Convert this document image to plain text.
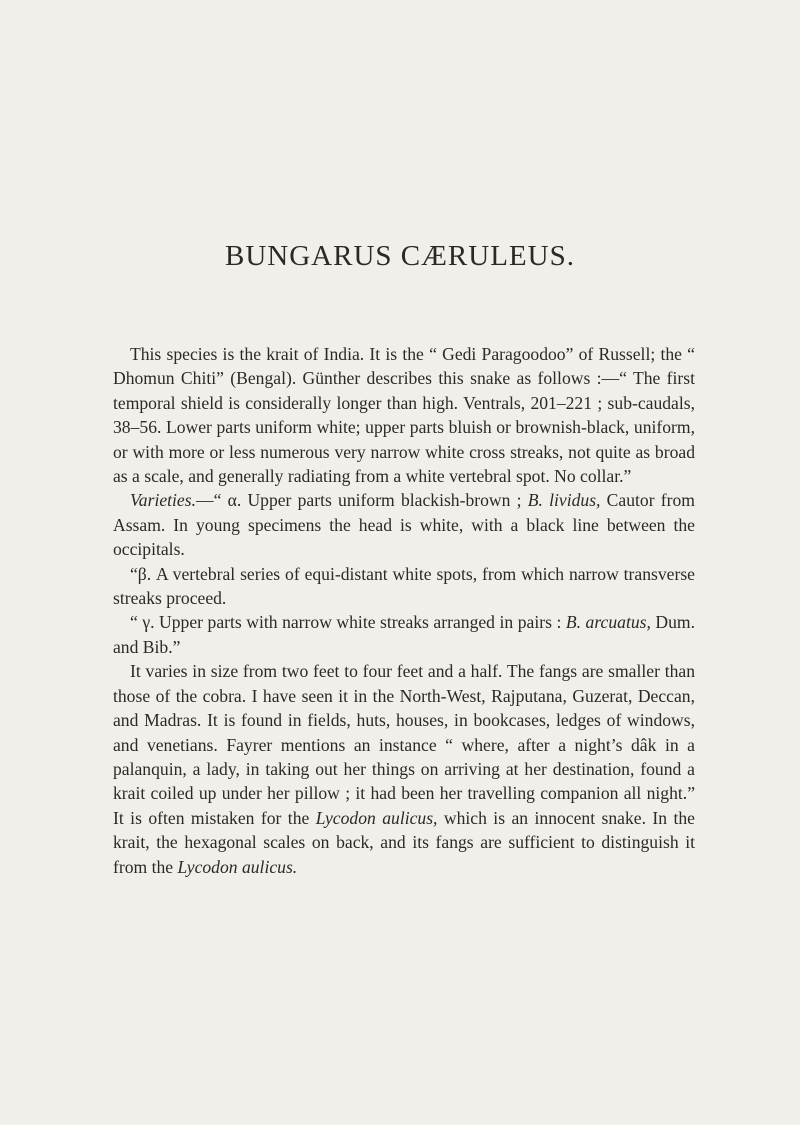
BUNGARUS CÆRULEUS.

This species is the krait of India. It is the “ Gedi Paragoodoo” of Russell; the “ Dhomun Chiti” (Bengal). Günther describes this snake as follows :—“ The first temporal shield is considerally longer than high. Ventrals, 201–221 ; sub-caudals, 38–56. Lower parts uniform white; upper parts bluish or brownish-black, uniform, or with more or less numerous very narrow white cross streaks, not quite as broad as a scale, and generally radiating from a white vertebral spot. No collar.”

Varieties.—“ α. Upper parts uniform blackish-brown ; B. lividus, Cautor from Assam. In young specimens the head is white, with a black line between the occipitals.

“β. A vertebral series of equi-distant white spots, from which narrow transverse streaks proceed.

“ γ. Upper parts with narrow white streaks arranged in pairs : B. arcuatus, Dum. and Bib.”

It varies in size from two feet to four feet and a half. The fangs are smaller than those of the cobra. I have seen it in the North-West, Rajputana, Guzerat, Deccan, and Madras. It is found in fields, huts, houses, in bookcases, ledges of windows, and venetians. Fayrer mentions an instance “ where, after a night’s dâk in a palanquin, a lady, in taking out her things on arriving at her destination, found a krait coiled up under her pillow ; it had been her travelling companion all night.” It is often mistaken for the Lycodon aulicus, which is an innocent snake. In the krait, the hexagonal scales on back, and its fangs are sufficient to distinguish it from the Lycodon aulicus.
